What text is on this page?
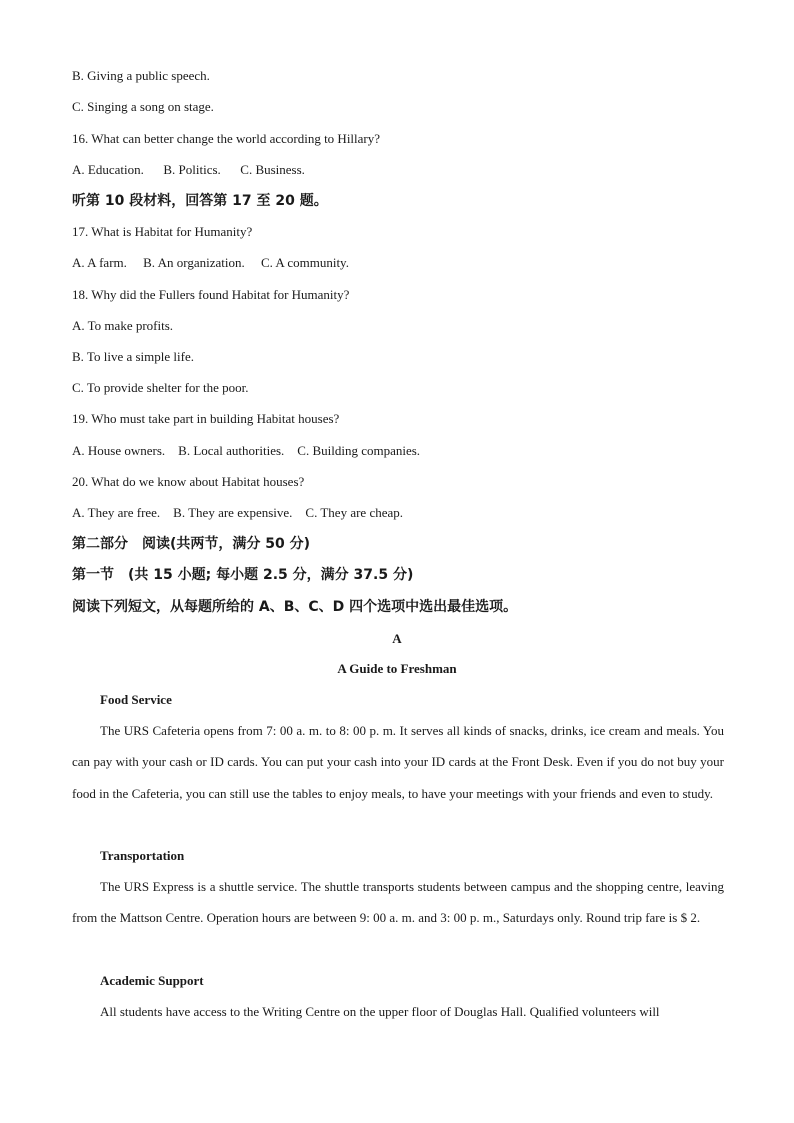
B. Giving a public speech.
C. Singing a song on stage.
16. What can better change the world according to Hillary?
A. Education.      B. Politics.      C. Business.
听第 10 段材料，回答第 17 至 20 题。
17. What is Habitat for Humanity?
A. A farm.     B. An organization.     C. A community.
18. Why did the Fullers found Habitat for Humanity?
A. To make profits.
B. To live a simple life.
C. To provide shelter for the poor.
19. Who must take part in building Habitat houses?
A. House owners.    B. Local authorities.    C. Building companies.
20. What do we know about Habitat houses?
A. They are free.    B. They are expensive.    C. They are cheap.
第二部分　阅读(共两节，满分 50 分)
第一节　(共 15 小题; 每小题 2.5 分，满分 37.5 分)
阅读下列短文，从每题所给的 A、B、C、D 四个选项中选出最佳选项。
A
A Guide to Freshman
Food Service

The URS Cafeteria opens from 7: 00 a. m. to 8: 00 p. m. It serves all kinds of snacks, drinks, ice cream and meals. You can pay with your cash or ID cards. You can put your cash into your ID cards at the Front Desk. Even if you do not buy your food in the Cafeteria, you can still use the tables to enjoy meals, to have your meetings with your friends and even to study.

Transportation

The URS Express is a shuttle service. The shuttle transports students between campus and the shopping centre, leaving from the Mattson Centre. Operation hours are between 9: 00 a. m. and 3: 00 p. m., Saturdays only. Round trip fare is $ 2.

Academic Support

All students have access to the Writing Centre on the upper floor of Douglas Hall. Qualified volunteers will
